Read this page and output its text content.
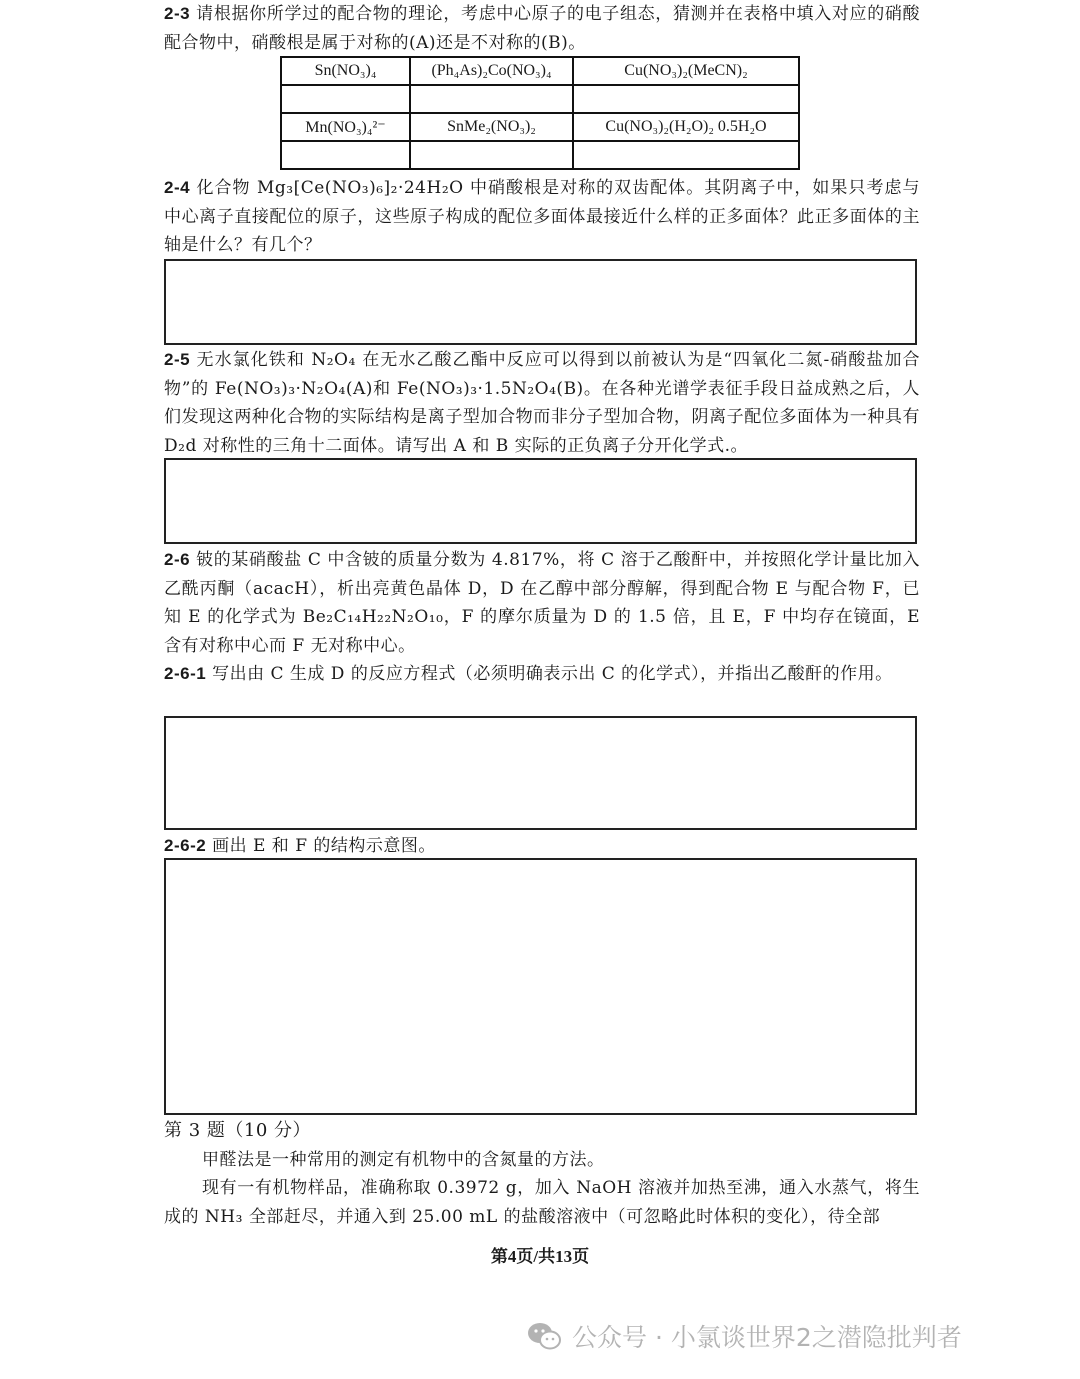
2-3 请根据你所学过的配合物的理论，考虑中心原子的电子组态，猜测并在表格中填入对应的硝酸配合物中，硝酸根是属于对称的(A)还是不对称的(B)。

Sn(NO₃)₄	(Ph₄As)₂Co(NO₃)₄	Cu(NO₃)₂(MeCN)₂

Mn(NO₃)₄²⁻	SnMe₂(NO₃)₂	Cu(NO₃)₂(H₂O)₂ 0.5H₂O

2-4 化合物 Mg₃[Ce(NO₃)₆]₂·24H₂O 中硝酸根是对称的双齿配体。其阴离子中，如果只考虑与中心离子直接配位的原子，这些原子构成的配位多面体最接近什么样的正多面体？此正多面体的主轴是什么？有几个？

2-5 无水氯化铁和 N₂O₄ 在无水乙酸乙酯中反应可以得到以前被认为是“四氧化二氮-硝酸盐加合物”的 Fe(NO₃)₃·N₂O₄(A)和 Fe(NO₃)₃·1.5N₂O₄(B)。在各种光谱学表征手段日益成熟之后，人们发现这两种化合物的实际结构是离子型加合物而非分子型加合物，阴离子配位多面体为一种具有 D₂d 对称性的三角十二面体。请写出 A 和 B 实际的正负离子分开化学式.。

2-6 铍的某硝酸盐 C 中含铍的质量分数为 4.817%，将 C 溶于乙酸酐中，并按照化学计量比加入乙酰丙酮（acacH），析出亮黄色晶体 D，D 在乙醇中部分醇解，得到配合物 E 与配合物 F，已知 E 的化学式为 Be₂C₁₄H₂₂N₂O₁₀，F 的摩尔质量为 D 的 1.5 倍，且 E，F 中均存在镜面，E 含有对称中心而 F 无对称中心。

2-6-1 写出由 C 生成 D 的反应方程式（必须明确表示出 C 的化学式），并指出乙酸酐的作用。

2-6-2 画出 E 和 F 的结构示意图。

第 3 题（10 分）

甲醛法是一种常用的测定有机物中的含氮量的方法。

现有一有机物样品，准确称取 0.3972 g，加入 NaOH 溶液并加热至沸，通入水蒸气，将生成的 NH₃ 全部赶尽，并通入到 25.00 mL 的盐酸溶液中（可忽略此时体积的变化），待全部

第4页/共13页
公众号 · 小氯谈世界2之潜隐批判者
